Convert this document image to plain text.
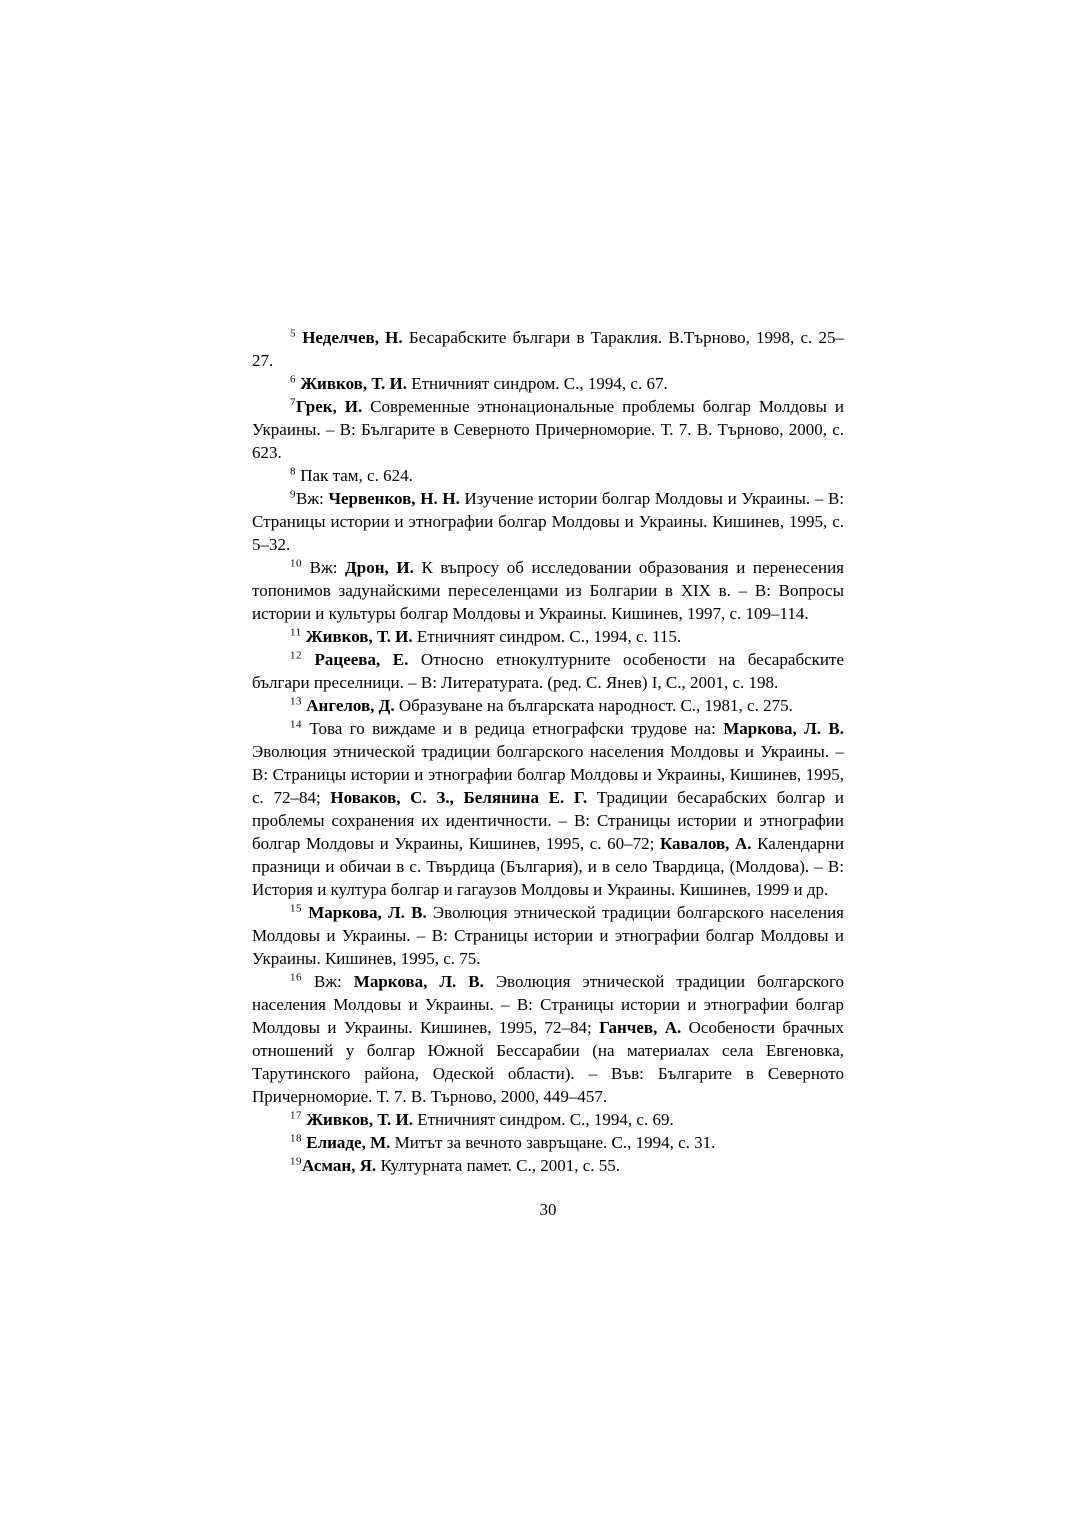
$^5$ Неделчев, Н. Бесарабските българи в Тараклия. В.Търново, 1998, с. 25–27.

$^6$ Живков, Т. И. Етничният синдром. С., 1994, с. 67.

$^7$Грек, И. Современные этнонациональные проблемы болгар Молдовы и Украины. – В: Българите в Северното Причерноморие. Т. 7. В. Търново, 2000, с. 623.

$^8$ Пак там, с. 624.

$^9$Вж: Червенков, Н. Н. Изучение истории болгар Молдовы и Украины. – В: Страницы истории и этнографии болгар Молдовы и Украины. Кишинев, 1995, с. 5–32.

$^{10}$ Вж: Дрон, И. К въпросу об исследовании образования и перенесения топонимов задунайскими переселенцами из Болгарии в XIX в. – В: Вопросы истории и культуры болгар Молдовы и Украины. Кишинев, 1997, с. 109–114.

$^{11}$ Живков, Т. И. Етничният синдром. С., 1994, с. 115.

$^{12}$ Рацеева, Е. Относно етнокултурните особености на бесарабските българи преселници. – В: Литературата. (ред. С. Янев) I, С., 2001, с. 198.

$^{13}$ Ангелов, Д. Образуване на българската народност. С., 1981, с. 275.

$^{14}$ Това го виждаме и в редица етнографски трудове на: Маркова, Л. В. Эволюция этнической традиции болгарского населения Молдовы и Украины. – В: Страницы истории и этнографии болгар Молдовы и Украины, Кишинев, 1995, с. 72–84; Новаков, С. З., Белянина Е. Г. Традиции бесарабских болгар и проблемы сохранения их идентичности. – В: Страницы истории и этнографии болгар Молдовы и Украины, Кишинев, 1995, с. 60–72; Кавалов, А. Календарни празници и обичаи в с. Твърдица (България), и в село Твардица, (Молдова). – В: История и култура болгар и гагаузов Молдовы и Украины. Кишинев, 1999 и др.

$^{15}$ Маркова, Л. В. Эволюция этнической традиции болгарского населения Молдовы и Украины. – В: Страницы истории и этнографии болгар Молдовы и Украины. Кишинев, 1995, с. 75.

$^{16}$ Вж: Маркова, Л. В. Эволюция этнической традиции болгарского населения Молдовы и Украины. – В: Страницы истории и этнографии болгар Молдовы и Украины. Кишинев, 1995, 72–84; Ганчев, А. Особености брачных отношений у болгар Южной Бессарабии (на материалах села Евгеновка, Тарутинского района, Одеской области). – Във: Българите в Северното Причерноморие. Т. 7. В. Търново, 2000, 449–457.

$^{17}$ Живков, Т. И. Етничният синдром. С., 1994, с. 69.

$^{18}$ Елиаде, М. Митът за вечното завръщане. С., 1994, с. 31.

$^{19}$Асман, Я. Културната памет. С., 2001, с. 55.

30
